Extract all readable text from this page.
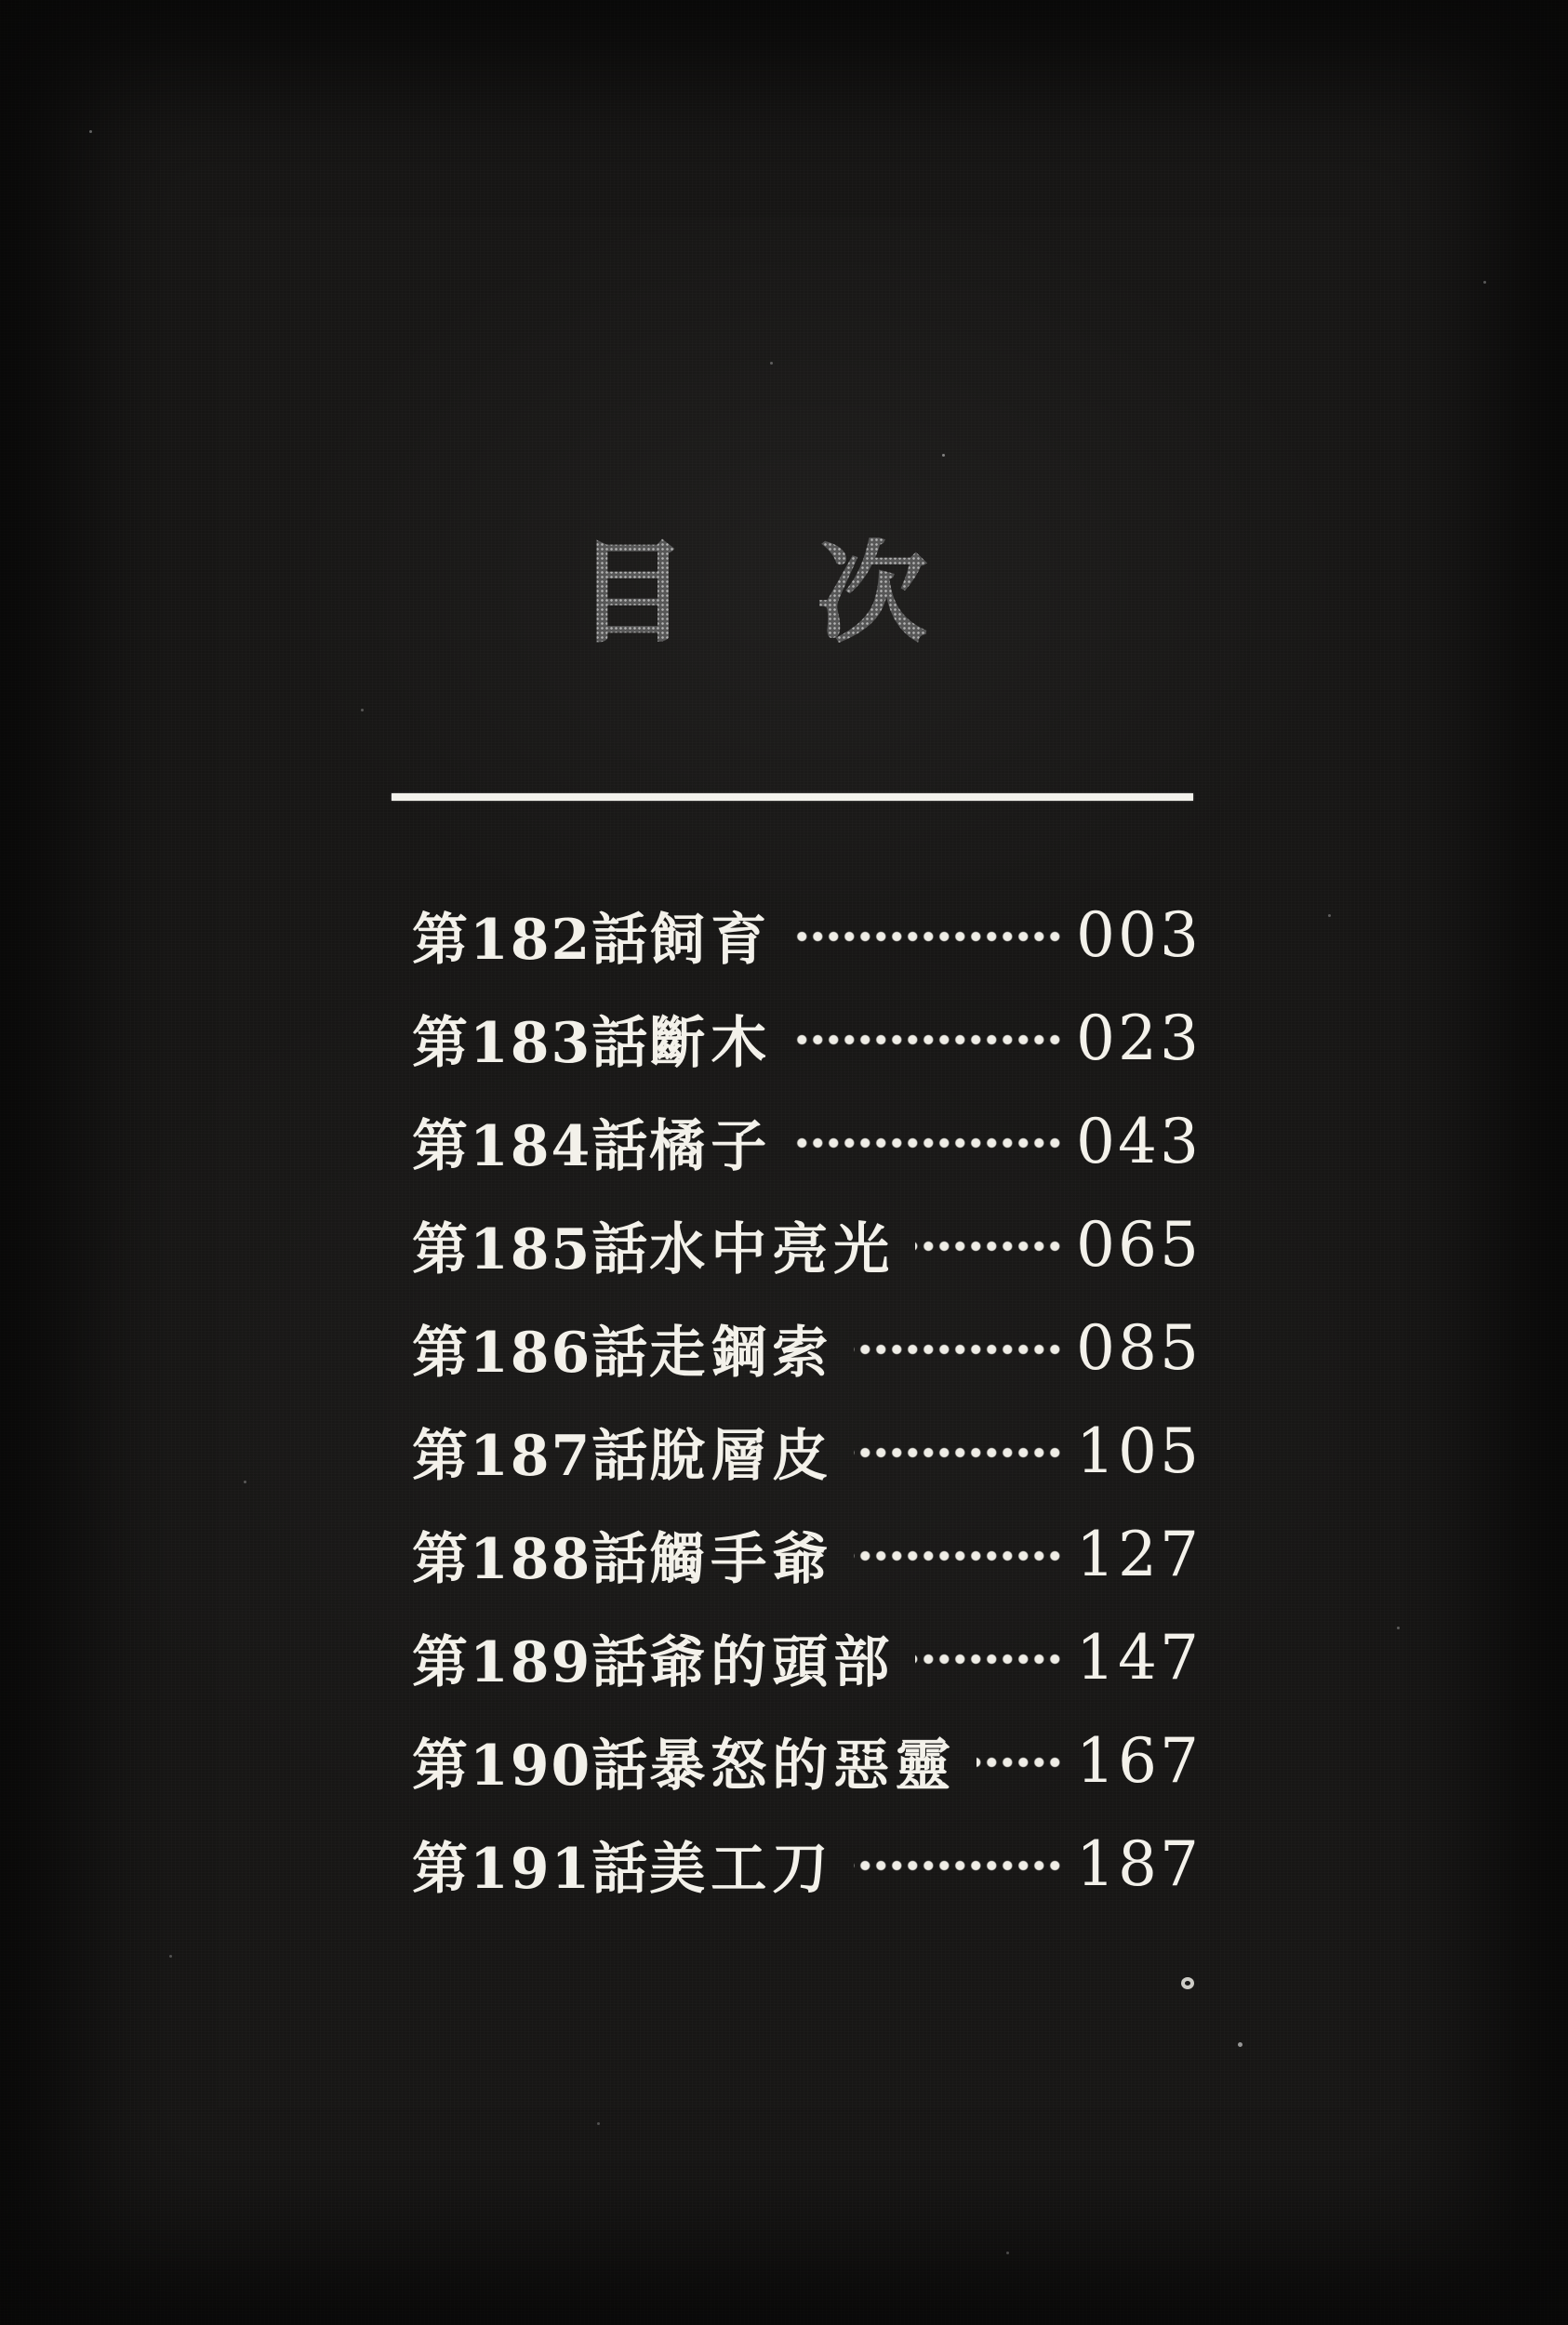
目次
第182話 飼育	003
第183話 斷木	023
第184話 橘子	043
第185話 水中亮光	065
第186話 走鋼索	085
第187話 脫層皮	105
第188話 觸手爺	127
第189話 爺的頭部	147
第190話 暴怒的惡靈 167
第191話 美工刀	187
